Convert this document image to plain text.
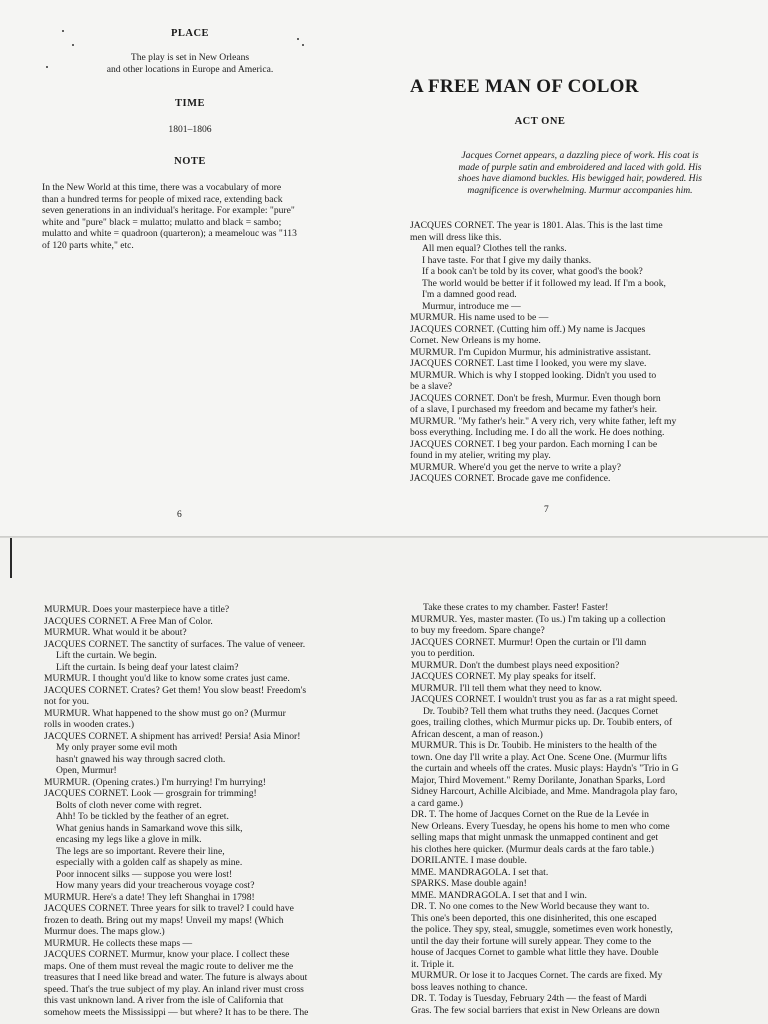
PLACE
The play is set in New Orleans
and other locations in Europe and America.
TIME
1801–1806
NOTE
In the New World at this time, there was a vocabulary of more
than a hundred terms for people of mixed race, extending back
seven generations in an individual's heritage. For example: "pure"
white and "pure" black = mulatto; mulatto and black = sambo;
mulatto and white = quadroon (quarteron); a meamelouc was "113
of 120 parts white," etc.
6
A FREE MAN OF COLOR
ACT ONE
Jacques Cornet appears, a dazzling piece of work. His coat is
made of purple satin and embroidered and laced with gold. His
shoes have diamond buckles. His bewigged hair, powdered. His
magnificence is overwhelming. Murmur accompanies him.
JACQUES CORNET. The year is 1801. Alas. This is the last time
men will dress like this.
All men equal? Clothes tell the ranks.
I have taste. For that I give my daily thanks.
If a book can't be told by its cover, what good's the book?
The world would be better if it followed my lead. If I'm a book,
I'm a damned good read.
Murmur, introduce me —
MURMUR. His name used to be —
JACQUES CORNET. (Cutting him off.) My name is Jacques
Cornet. New Orleans is my home.
MURMUR. I'm Cupidon Murmur, his administrative assistant.
JACQUES CORNET. Last time I looked, you were my slave.
MURMUR. Which is why I stopped looking. Didn't you used to
be a slave?
JACQUES CORNET. Don't be fresh, Murmur. Even though born
of a slave, I purchased my freedom and became my father's heir.
MURMUR. "My father's heir." A very rich, very white father, left my
boss everything. Including me. I do all the work. He does nothing.
JACQUES CORNET. I beg your pardon. Each morning I can be
found in my atelier, writing my play.
MURMUR. Where'd you get the nerve to write a play?
JACQUES CORNET. Brocade gave me confidence.
7
MURMUR. Does your masterpiece have a title?
JACQUES CORNET. A Free Man of Color.
MURMUR. What would it be about?
JACQUES CORNET. The sanctity of surfaces. The value of veneer.
Lift the curtain. We begin.
Lift the curtain. Is being deaf your latest claim?
MURMUR. I thought you'd like to know some crates just came.
JACQUES CORNET. Crates? Get them! You slow beast! Freedom's
not for you.
MURMUR. What happened to the show must go on? (Murmur
rolls in wooden crates.)
JACQUES CORNET. A shipment has arrived! Persia! Asia Minor!
My only prayer some evil moth
hasn't gnawed his way through sacred cloth.
Open, Murmur!
MURMUR. (Opening crates.) I'm hurrying! I'm hurrying!
JACQUES CORNET. Look — grosgrain for trimming!
Bolts of cloth never come with regret.
Ahh! To be tickled by the feather of an egret.
What genius hands in Samarkand wove this silk,
encasing my legs like a glove in milk.
The legs are so important. Revere their line,
especially with a golden calf as shapely as mine.
Poor innocent silks — suppose you were lost!
How many years did your treacherous voyage cost?
MURMUR. Here's a date! They left Shanghai in 1798!
JACQUES CORNET. Three years for silk to travel? I could have
frozen to death. Bring out my maps! Unveil my maps! (Which
Murmur does. The maps glow.)
MURMUR. He collects these maps —
JACQUES CORNET. Murmur, know your place. I collect these
maps. One of them must reveal the magic route to deliver me the
treasures that I need like bread and water. The future is always about
speed. That's the true subject of my play. An inland river must cross
this vast unknown land. A river from the isle of California that
somehow meets the Mississippi — but where? It has to be there. The
Take these crates to my chamber. Faster! Faster!
MURMUR. Yes, master master. (To us.) I'm taking up a collection
to buy my freedom. Spare change?
JACQUES CORNET. Murmur! Open the curtain or I'll damn
you to perdition.
MURMUR. Don't the dumbest plays need exposition?
JACQUES CORNET. My play speaks for itself.
MURMUR. I'll tell them what they need to know.
JACQUES CORNET. I wouldn't trust you as far as a rat might speed.
Dr. Toubib? Tell them what truths they need. (Jacques Cornet
goes, trailing clothes, which Murmur picks up. Dr. Toubib enters, of
African descent, a man of reason.)
MURMUR. This is Dr. Toubib. He ministers to the health of the
town. One day I'll write a play. Act One. Scene One. (Murmur lifts
the curtain and wheels off the crates. Music plays: Haydn's "Trio in G
Major, Third Movement." Remy Dorilante, Jonathan Sparks, Lord
Sidney Harcourt, Achille Alcibiade, and Mme. Mandragola play faro,
a card game.)
DR. T. The home of Jacques Cornet on the Rue de la Levée in
New Orleans. Every Tuesday, he opens his home to men who come
selling maps that might unmask the unmapped continent and get
his clothes here quicker. (Murmur deals cards at the faro table.)
DORILANTE. I mase double.
MME. MANDRAGOLA. I set that.
SPARKS. Mase double again!
MME. MANDRAGOLA. I set that and I win.
DR. T. No one comes to the New World because they want to.
This one's been deported, this one disinherited, this one escaped
the police. They spy, steal, smuggle, sometimes even work honestly,
until the day their fortune will surely appear. They come to the
house of Jacques Cornet to gamble what little they have. Double
it. Triple it.
MURMUR. Or lose it to Jacques Cornet. The cards are fixed. My
boss leaves nothing to chance.
DR. T. Today is Tuesday, February 24th — the feast of Mardi
Gras. The few social barriers that exist in New Orleans are down
